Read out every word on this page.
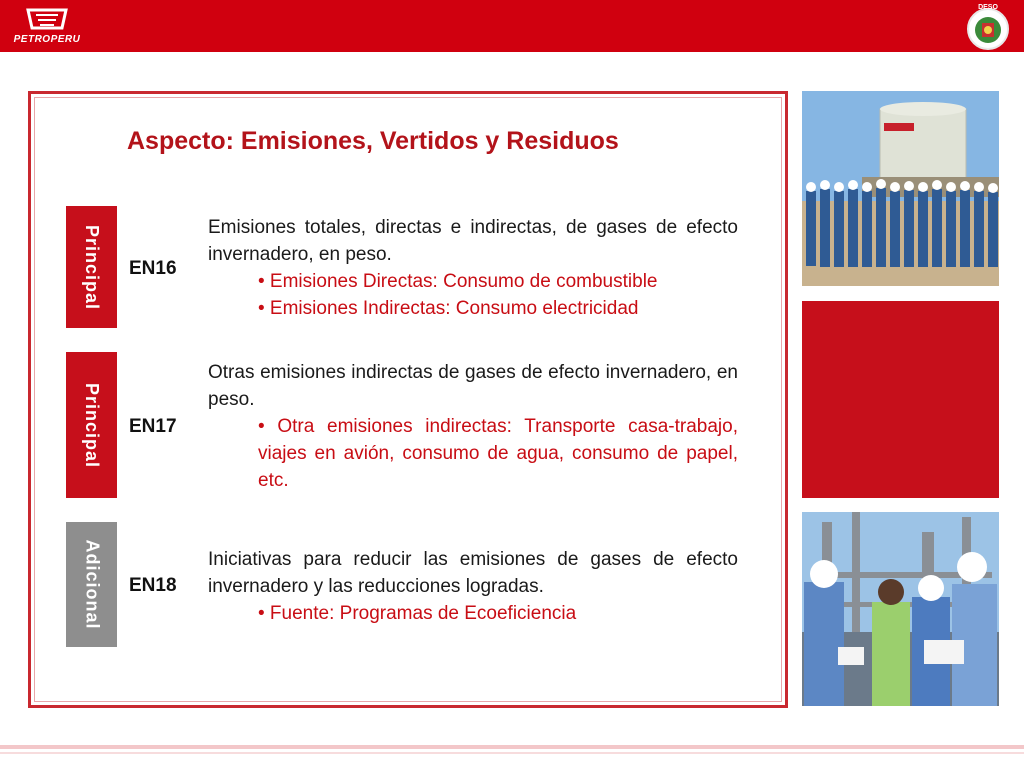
PETROPERU
DESO
Aspecto: Emisiones, Vertidos y Residuos
Principal EN16
Emisiones totales, directas e indirectas, de gases de efecto invernadero, en peso.
• Emisiones Directas: Consumo de combustible
• Emisiones Indirectas: Consumo electricidad
Principal EN17
Otras emisiones indirectas de gases de efecto invernadero, en peso.
• Otra emisiones indirectas: Transporte casa-trabajo, viajes en avión, consumo de agua, consumo de papel, etc.
Adicional EN18
Iniciativas para reducir las emisiones de gases de efecto invernadero y las reducciones logradas.
• Fuente: Programas de Ecoeficiencia
